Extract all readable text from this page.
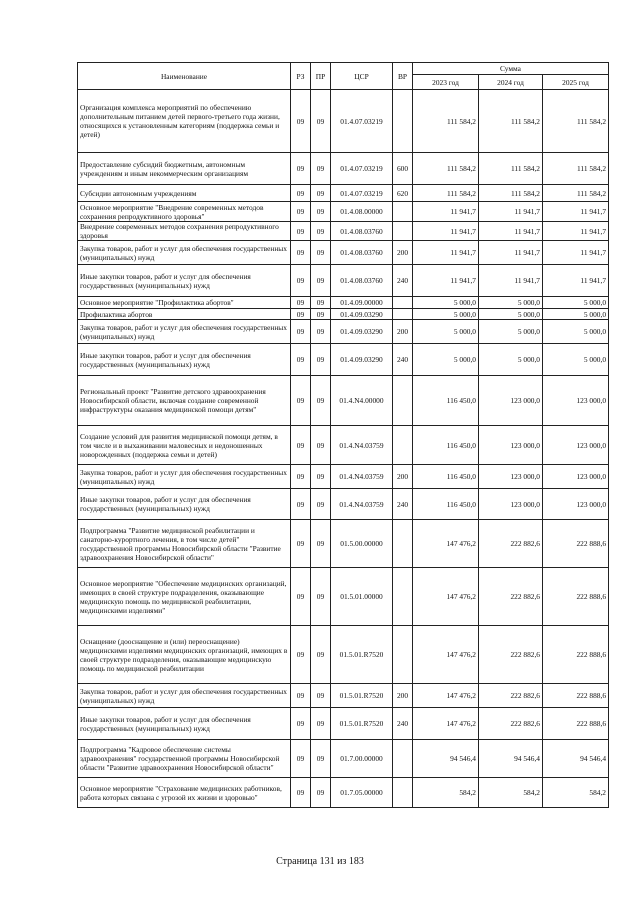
Наименование	РЗ	ПР	ЦСР	ВР	Сумма		
					2023 год	2024 год	2025 год
Организация комплекса мероприятий по обеспечению дополнительным питанием детей первого-третьего года жизни, относящихся к установленным категориям (поддержка семьи и детей)	09	09	01.4.07.03219		111 584,2	111 584,2	111 584,2
Предоставление субсидий бюджетным, автономным учреждениям и иным некоммерческим организациям	09	09	01.4.07.03219	600	111 584,2	111 584,2	111 584,2
Субсидии автономным учреждениям	09	09	01.4.07.03219	620	111 584,2	111 584,2	111 584,2
Основное мероприятие "Внедрение современных методов сохранения репродуктивного здоровья"	09	09	01.4.08.00000		11 941,7	11 941,7	11 941,7
Внедрение современных методов сохранения репродуктивного здоровья	09	09	01.4.08.03760		11 941,7	11 941,7	11 941,7
Закупка товаров, работ и услуг для обеспечения государственных (муниципальных) нужд	09	09	01.4.08.03760	200	11 941,7	11 941,7	11 941,7
Иные закупки товаров, работ и услуг для обеспечения государственных (муниципальных) нужд	09	09	01.4.08.03760	240	11 941,7	11 941,7	11 941,7
Основное мероприятие "Профилактика абортов"	09	09	01.4.09.00000		5 000,0	5 000,0	5 000,0
Профилактика абортов	09	09	01.4.09.03290		5 000,0	5 000,0	5 000,0
Закупка товаров, работ и услуг для обеспечения государственных (муниципальных) нужд	09	09	01.4.09.03290	200	5 000,0	5 000,0	5 000,0
Иные закупки товаров, работ и услуг для обеспечения государственных (муниципальных) нужд	09	09	01.4.09.03290	240	5 000,0	5 000,0	5 000,0
Региональный проект "Развитие детского здравоохранения Новосибирской области, включая создание современной инфраструктуры оказания медицинской помощи детям"	09	09	01.4.N4.00000		116 450,0	123 000,0	123 000,0
Создание условий для развития медицинской помощи детям, в том числе и в выхаживании маловесных и недоношенных новорожденных (поддержка семьи и детей)	09	09	01.4.N4.03759		116 450,0	123 000,0	123 000,0
Закупка товаров, работ и услуг для обеспечения государственных (муниципальных) нужд	09	09	01.4.N4.03759	200	116 450,0	123 000,0	123 000,0
Иные закупки товаров, работ и услуг для обеспечения государственных (муниципальных) нужд	09	09	01.4.N4.03759	240	116 450,0	123 000,0	123 000,0
Подпрограмма "Развитие медицинской реабилитации и санаторно-курортного лечения, в том числе детей" государственной программы Новосибирской области "Развитие здравоохранения Новосибирской области"	09	09	01.5.00.00000		147 476,2	222 882,6	222 888,6
Основное мероприятие "Обеспечение медицинских организаций, имеющих в своей структуре подразделения, оказывающие медицинскую помощь по медицинской реабилитации, медицинскими изделиями"	09	09	01.5.01.00000		147 476,2	222 882,6	222 888,6
Оснащение (дооснащение и (или) переоснащение) медицинскими изделиями медицинских организаций, имеющих в своей структуре подразделения, оказывающие медицинскую помощь по медицинской реабилитации	09	09	01.5.01.R7520		147 476,2	222 882,6	222 888,6
Закупка товаров, работ и услуг для обеспечения государственных (муниципальных) нужд	09	09	01.5.01.R7520	200	147 476,2	222 882,6	222 888,6
Иные закупки товаров, работ и услуг для обеспечения государственных (муниципальных) нужд	09	09	01.5.01.R7520	240	147 476,2	222 882,6	222 888,6
Подпрограмма "Кадровое обеспечение системы здравоохранения" государственной программы Новосибирской области "Развитие здравоохранения Новосибирской области"	09	09	01.7.00.00000		94 546,4	94 546,4	94 546,4
Основное мероприятие "Страхование медицинских работников, работа которых связана с угрозой их жизни и здоровью"	09	09	01.7.05.00000		584,2	584,2	584,2
Страница 131 из 183
